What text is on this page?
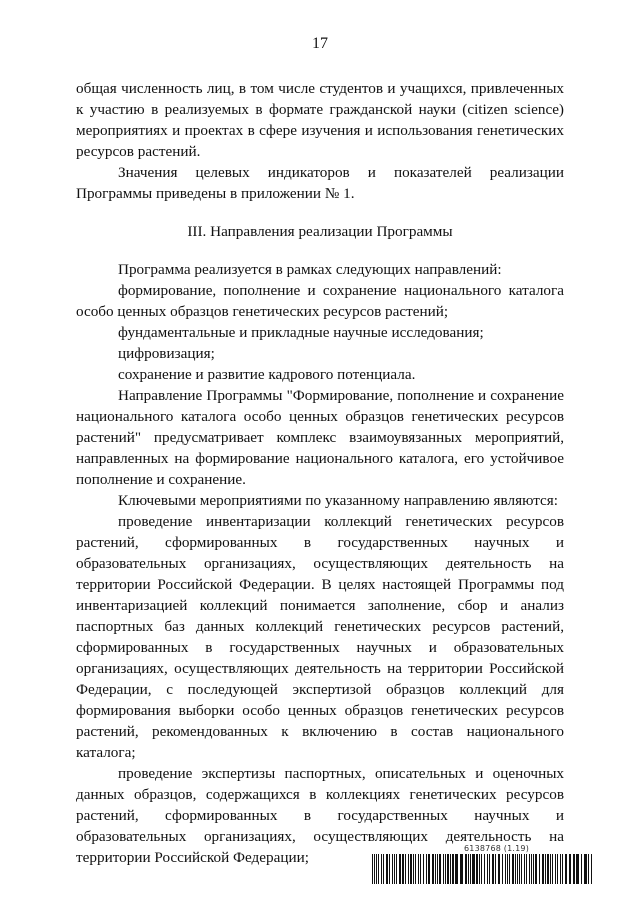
17

общая численность лиц, в том числе студентов и учащихся, привлеченных к участию в реализуемых в формате гражданской науки (citizen science) мероприятиях и проектах в сфере изучения и использования генетических ресурсов растений.

Значения целевых индикаторов и показателей реализации Программы приведены в приложении № 1.

III. Направления реализации Программы

Программа реализуется в рамках следующих направлений:

формирование, пополнение и сохранение национального каталога особо ценных образцов генетических ресурсов растений;

фундаментальные и прикладные научные исследования;

цифровизация;

сохранение и развитие кадрового потенциала.

Направление Программы "Формирование, пополнение и сохранение национального каталога особо ценных образцов генетических ресурсов растений" предусматривает комплекс взаимоувязанных мероприятий, направленных на формирование национального каталога, его устойчивое пополнение и сохранение.

Ключевыми мероприятиями по указанному направлению являются:

проведение инвентаризации коллекций генетических ресурсов растений, сформированных в государственных научных и образовательных организациях, осуществляющих деятельность на территории Российской Федерации. В целях настоящей Программы под инвентаризацией коллекций понимается заполнение, сбор и анализ паспортных баз данных коллекций генетических ресурсов растений, сформированных в государственных научных и образовательных организациях, осуществляющих деятельность на территории Российской Федерации, с последующей экспертизой образцов коллекций для формирования выборки особо ценных образцов генетических ресурсов растений, рекомендованных к включению в состав национального каталога;

проведение экспертизы паспортных, описательных и оценочных данных образцов, содержащихся в коллекциях генетических ресурсов растений, сформированных в государственных научных и образовательных организациях, осуществляющих деятельность на территории Российской Федерации;

6138768 (1.19)
